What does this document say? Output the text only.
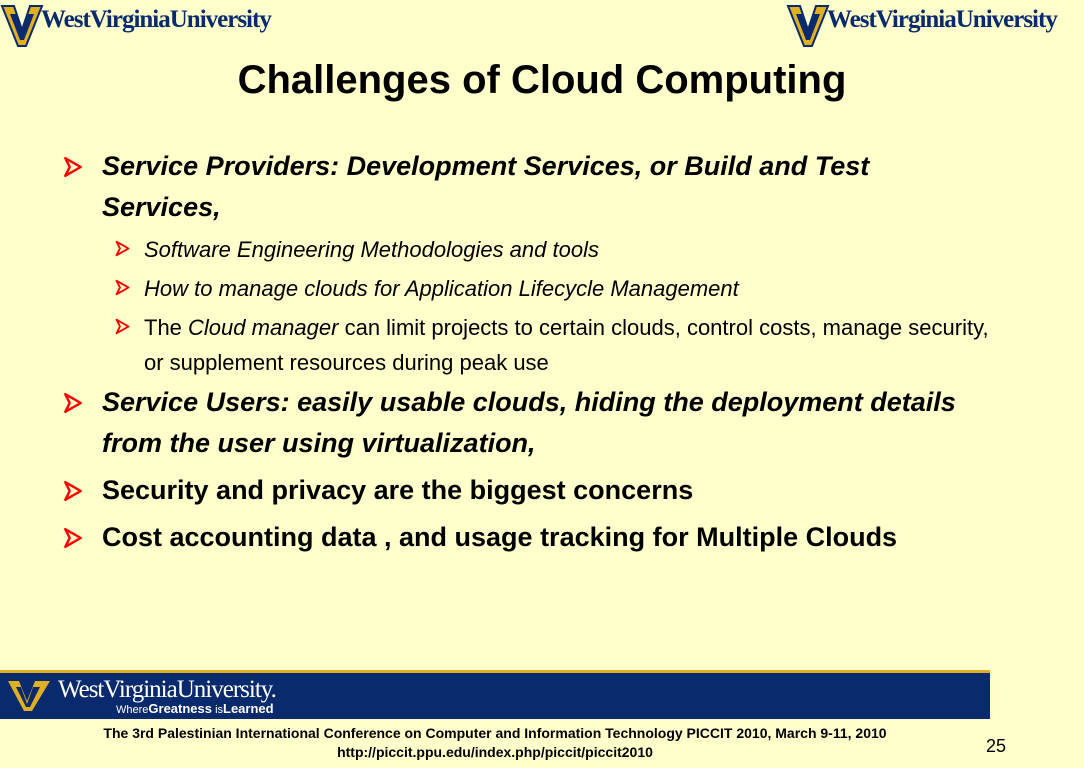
WestVirginiaUniversity	WestVirginiaUniversity
Challenges of Cloud Computing
Service Providers: Development Services, or Build and Test Services,
Software Engineering Methodologies and tools
How to manage clouds for Application Lifecycle Management
The Cloud manager can limit projects to certain clouds, control costs, manage security, or supplement resources during peak use
Service Users: easily usable clouds, hiding the deployment details from the user using virtualization,
Security and privacy are the biggest concerns
Cost accounting data , and usage tracking for Multiple Clouds
WestVirginiaUniversity.
WhereGreatness isLearned
The 3rd Palestinian International Conference on Computer and Information Technology PICCIT 2010, March 9-11, 2010
http://piccit.ppu.edu/index.php/piccit/piccit2010	25
